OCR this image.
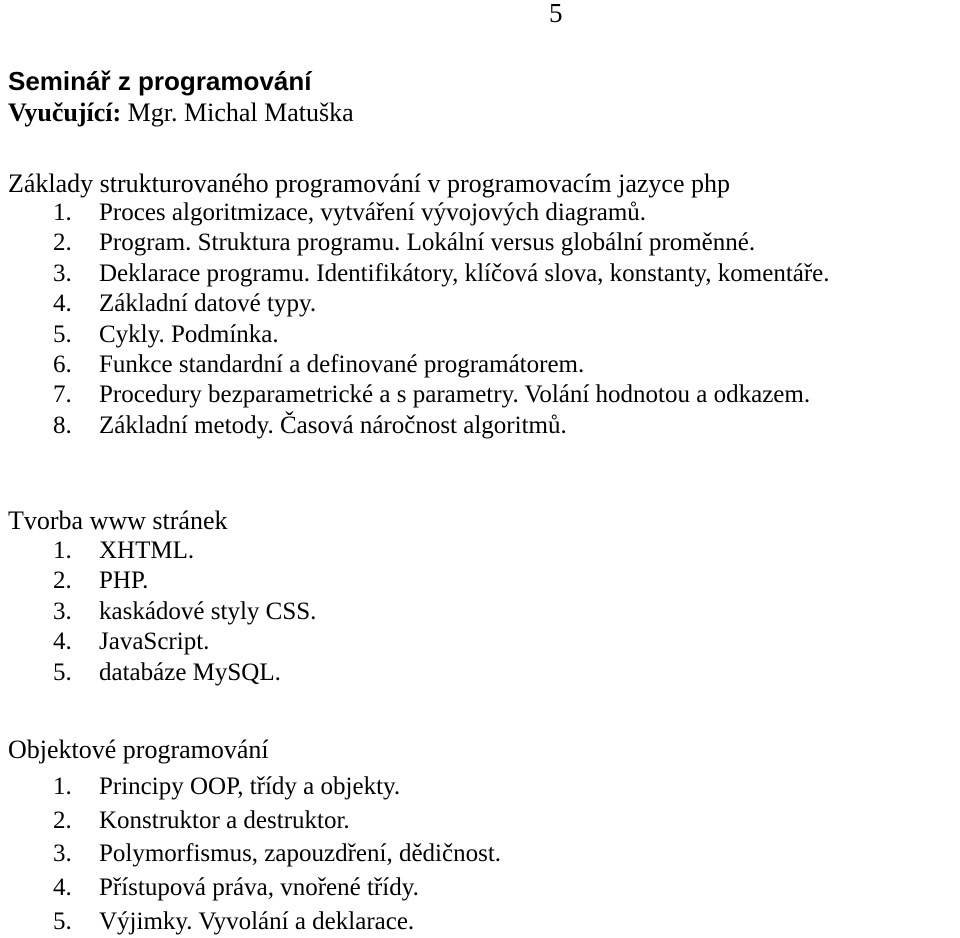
5
Seminář z programování
Vyučující: Mgr. Michal Matuška
Základy strukturovaného programování v programovacím jazyce php
1.	Proces algoritmizace, vytváření vývojových diagramů.
2.	Program. Struktura programu. Lokální versus globální proměnné.
3.	Deklarace programu. Identifikátory, klíčová slova, konstanty, komentáře.
4.	Základní datové typy.
5.	Cykly. Podmínka.
6.	Funkce standardní a definované programátorem.
7.	Procedury bezparametrické a s parametry. Volání hodnotou a odkazem.
8.	Základní metody. Časová náročnost algoritmů.
Tvorba www stránek
1.	XHTML.
2.	PHP.
3.	kaskádové styly CSS.
4.	JavaScript.
5.	databáze MySQL.
Objektové programování
1.	Principy OOP, třídy a objekty.
2.	Konstruktor a destruktor.
3.	Polymorfismus, zapouzdření, dědičnost.
4.	Přístupová práva, vnořené třídy.
5.	Výjimky. Vyvolání a deklarace.
